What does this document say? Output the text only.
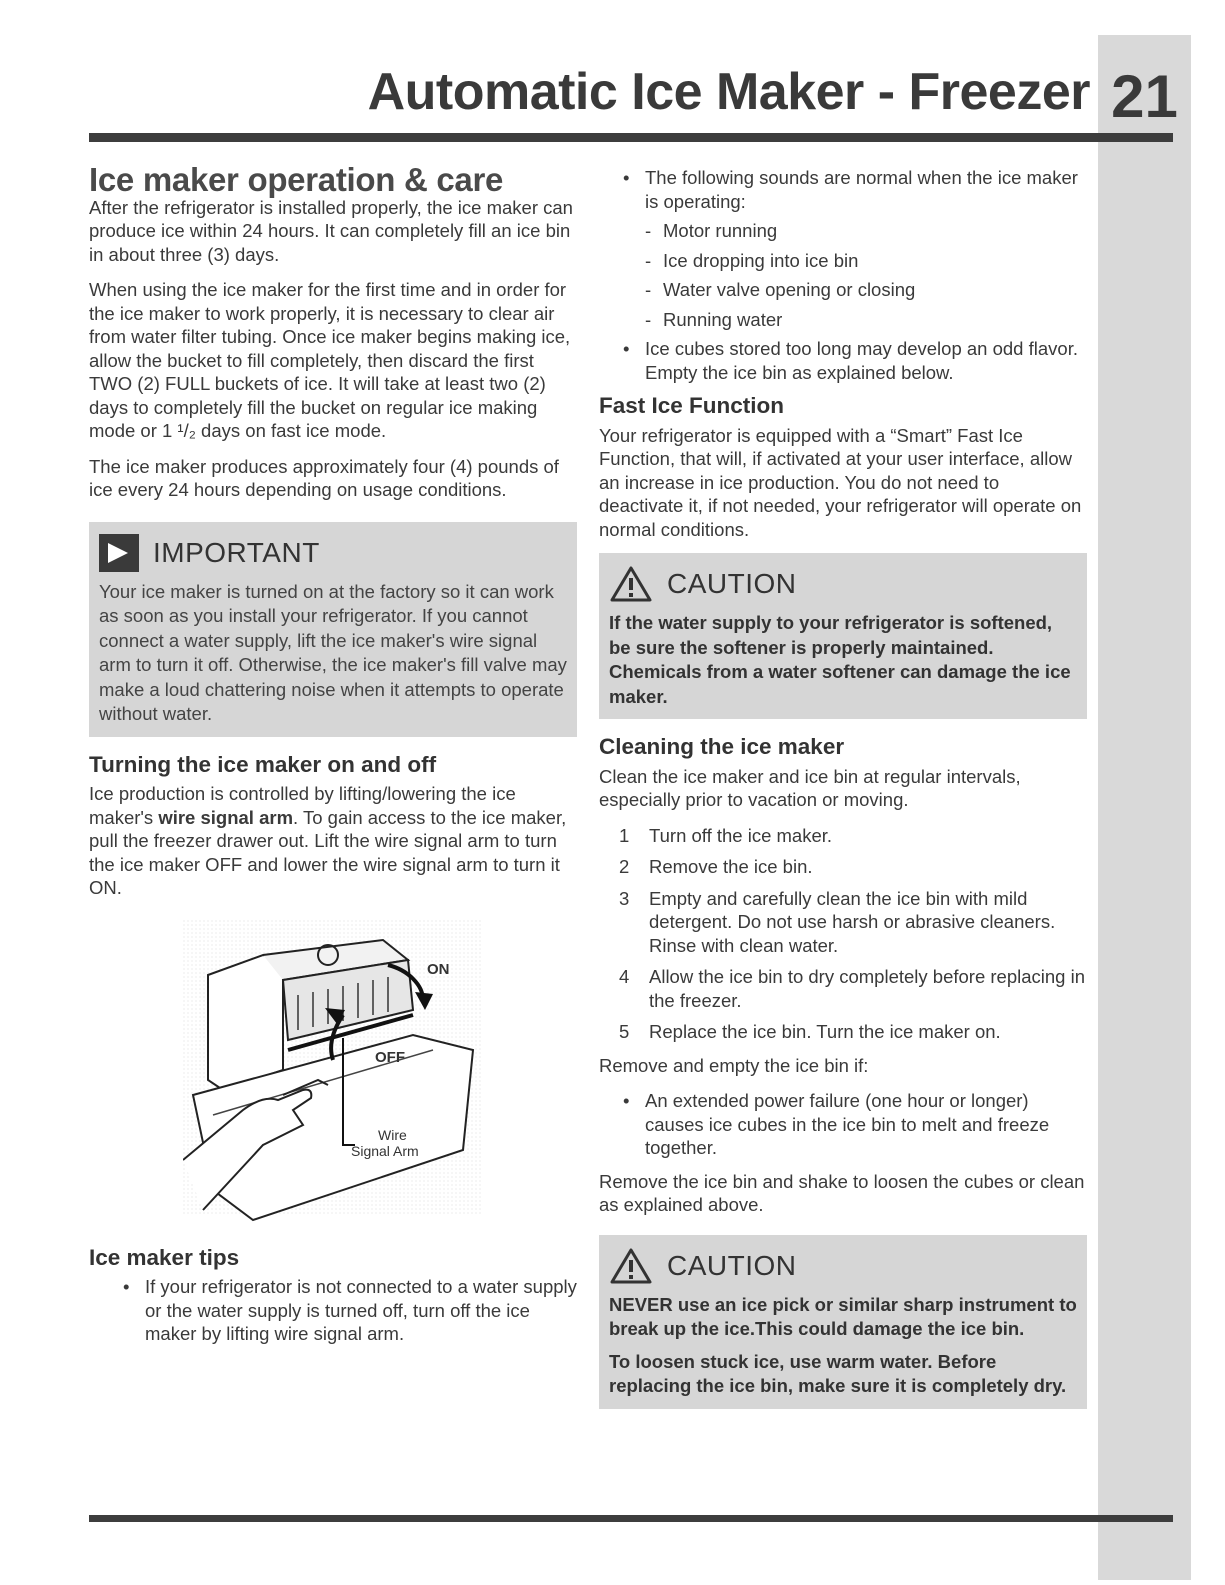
21
Automatic Ice Maker - Freezer
Ice maker operation & care

After the refrigerator is installed properly, the ice maker can produce ice within 24 hours. It can completely fill an ice bin in about three (3) days.

When using the ice maker for the first time and in order for the ice maker to work properly, it is necessary to clear air from water filter tubing. Once ice maker begins making ice, allow the bucket to fill completely, then discard the first TWO (2) FULL buckets of ice. It will take at least two (2) days to completely fill the bucket on regular ice making mode or 1 ¹/₂ days on fast ice mode.

The ice maker produces approximately four (4) pounds of ice every 24 hours depending on usage conditions.

IMPORTANT
Your ice maker is turned on at the factory so it can work as soon as you install your refrigerator. If you cannot connect a water supply, lift the ice maker's wire signal arm to turn it off. Otherwise, the ice maker's fill valve may make a loud chattering noise when it attempts to operate without water.
Turning the ice maker on and off

Ice production is controlled by lifting/lowering the ice maker's wire signal arm. To gain access to the ice maker, pull the freezer drawer out. Lift the wire signal arm to turn the ice maker OFF and lower the wire signal arm to turn it ON.

ON
OFF
Wire
Signal Arm
Ice maker tips
• If your refrigerator is not connected to a water supply or the water supply is turned off, turn off the ice maker by lifting wire signal arm.
• The following sounds are normal when the ice maker is operating:
- Motor running
- Ice dropping into ice bin
- Water valve opening or closing
- Running water
• Ice cubes stored too long may develop an odd flavor. Empty the ice bin as explained below.
Fast Ice Function

Your refrigerator is equipped with a “Smart” Fast Ice Function, that will, if activated at your user interface, allow an increase in ice production. You do not need to deactivate it, if not needed, your refrigerator will operate on normal conditions.

CAUTION
If the water supply to your refrigerator is softened, be sure the softener is properly maintained. Chemicals from a water softener can damage the ice maker.
Cleaning the ice maker

Clean the ice maker and ice bin at regular intervals, especially prior to vacation or moving.

1 Turn off the ice maker.
2 Remove the ice bin.
3 Empty and carefully clean the ice bin with mild detergent. Do not use harsh or abrasive cleaners. Rinse with clean water.
4 Allow the ice bin to dry completely before replacing in the freezer.
5 Replace the ice bin. Turn the ice maker on.

Remove and empty the ice bin if:

• An extended power failure (one hour or longer) causes ice cubes in the ice bin to melt and freeze together.

Remove the ice bin and shake to loosen the cubes or clean as explained above.

CAUTION
NEVER use an ice pick or similar sharp instrument to break up the ice.This could damage the ice bin.
To loosen stuck ice, use warm water. Before replacing the ice bin, make sure it is completely dry.
